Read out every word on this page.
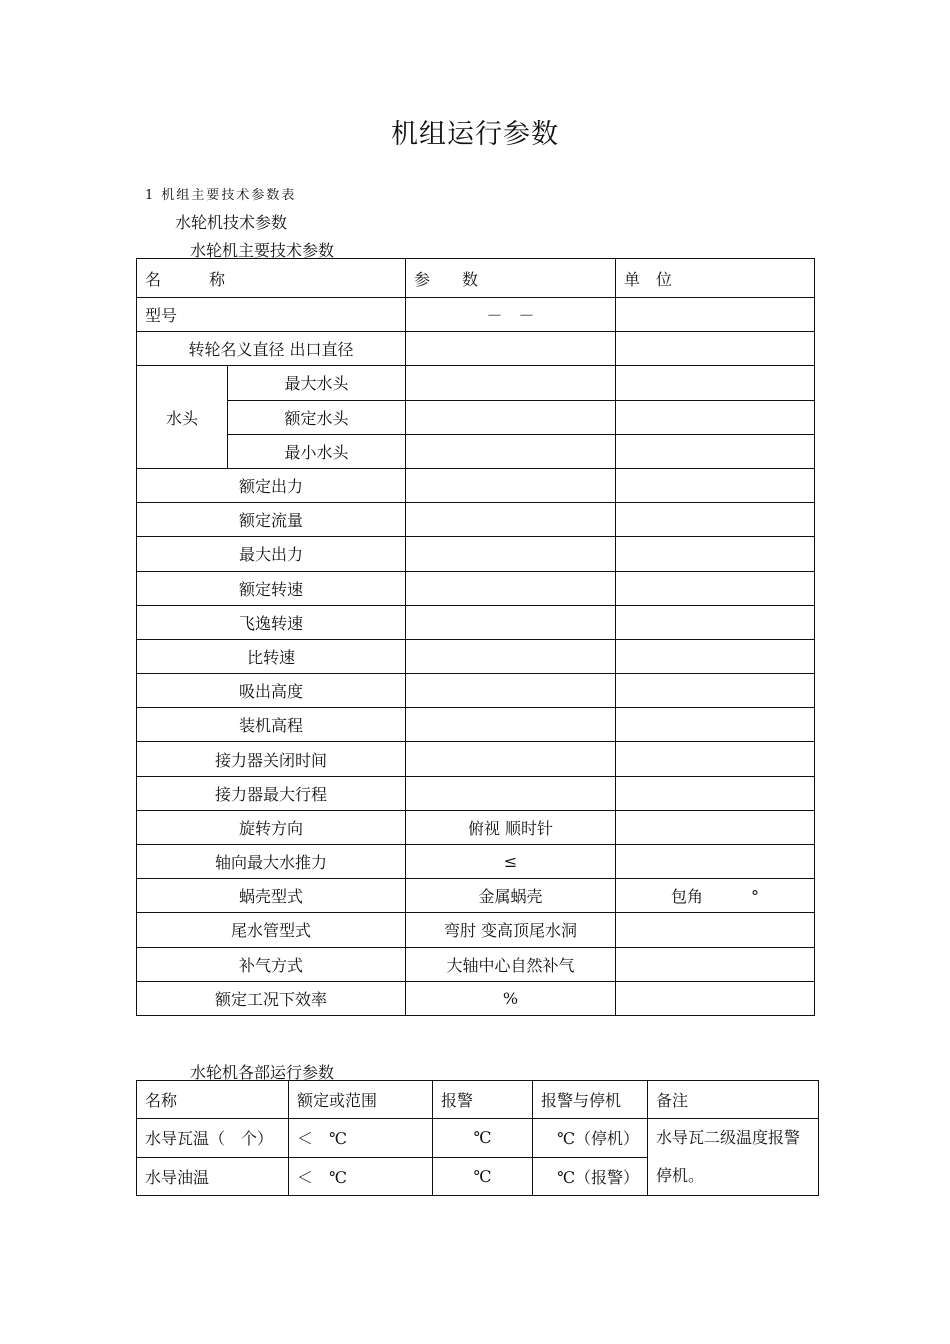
机组运行参数
1 机组主要技术参数表
水轮机技术参数
水轮机主要技术参数
名　　　称		参　　数	单　位
型号		－　－	
转轮名义直径 出口直径			
水头	最大水头		
	额定水头		
	最小水头		
额定出力			
额定流量			
最大出力			
额定转速			
飞逸转速			
比转速			
吸出高度			
装机高程			
接力器关闭时间			
接力器最大行程			
旋转方向		俯视 顺时针	
轴向最大水推力		≤	
蜗壳型式		金属蜗壳	包角　　　°
尾水管型式		弯肘 变高顶尾水洞	
补气方式		大轴中心自然补气	
额定工况下效率		%	
水轮机各部运行参数
名称	额定或范围	报警	报警与停机	备注
水导瓦温（　个）	＜　℃	℃	℃（停机）	水导瓦二级温度报警
停机。

水导油温	＜　℃	℃	℃（报警）	
